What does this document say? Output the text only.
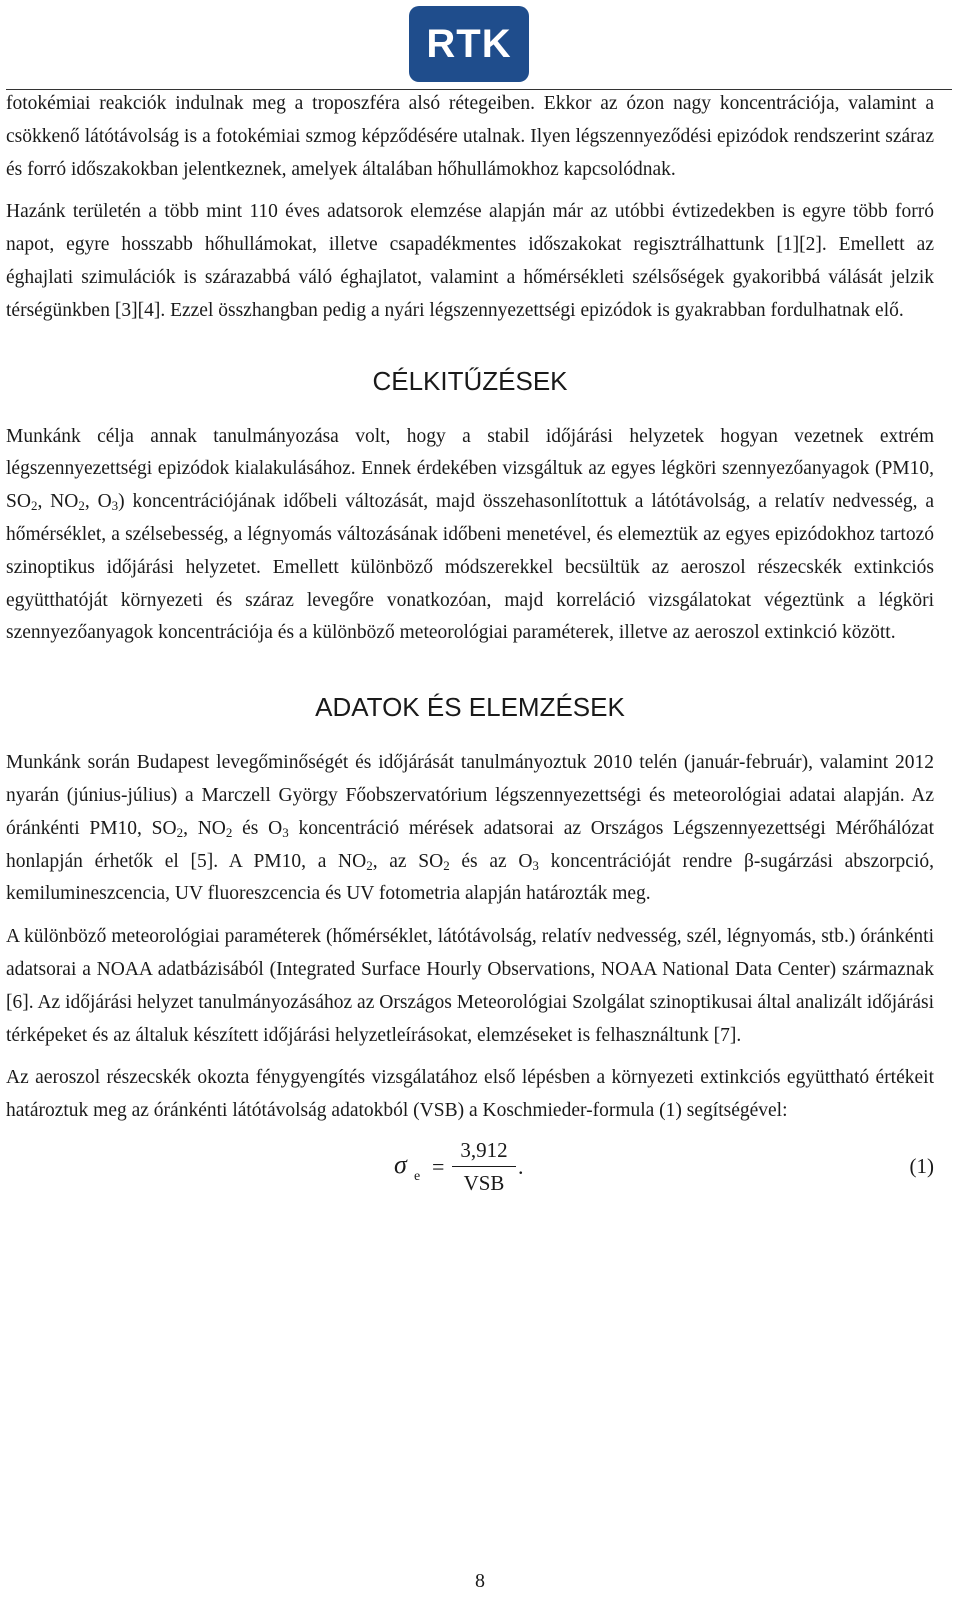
RTK

fotokémiai reakciók indulnak meg a troposzféra alsó rétegeiben. Ekkor az ózon nagy koncentrációja, valamint a csökkenő látótávolság is a fotokémiai szmog képződésére utalnak. Ilyen légszennyeződési epizódok rendszerint száraz és forró időszakokban jelentkeznek, amelyek általában hőhullámokhoz kapcsolódnak.

Hazánk területén a több mint 110 éves adatsorok elemzése alapján már az utóbbi évtizedekben is egyre több forró napot, egyre hosszabb hőhullámokat, illetve csapadékmentes időszakokat regisztrálhattunk [1][2]. Emellett az éghajlati szimulációk is szárazabbá váló éghajlatot, valamint a hőmérsékleti szélsőségek gyakoribbá válását jelzik térségünkben [3][4]. Ezzel összhangban pedig a nyári légszennyezettségi epizódok is gyakrabban fordulhatnak elő.

CÉLKITŰZÉSEK

Munkánk célja annak tanulmányozása volt, hogy a stabil időjárási helyzetek hogyan vezetnek extrém légszennyezettségi epizódok kialakulásához. Ennek érdekében vizsgáltuk az egyes légköri szennyezőanyagok (PM10, $SO_2$, $NO_2$, $O_3$) koncentrációjának időbeli változását, majd összehasonlítottuk a látótávolság, a relatív nedvesség, a hőmérséklet, a szélsebesség, a légnyomás változásának időbeni menetével, és elemeztük az egyes epizódokhoz tartozó szinoptikus időjárási helyzetet. Emellett különböző módszerekkel becsültük az aeroszol részecskék extinkciós együtthatóját környezeti és száraz levegőre vonatkozóan, majd korreláció vizsgálatokat végeztünk a légköri szennyezőanyagok koncentrációja és a különböző meteorológiai paraméterek, illetve az aeroszol extinkció között.

ADATOK ÉS ELEMZÉSEK

Munkánk során Budapest levegőminőségét és időjárását tanulmányoztuk 2010 telén (január-február), valamint 2012 nyarán (június-július) a Marczell György Főobszervatórium légszennyezettségi és meteorológiai adatai alapján. Az óránkénti PM10, $SO_2$, $NO_2$ és $O_3$ koncentráció mérések adatsorai az Országos Légszennyezettségi Mérőhálózat honlapján érhetők el [5]. A PM10, a $NO_2$, az $SO_2$ és az $O_3$ koncentrációját rendre β-sugárzási abszorpció, kemilumineszcencia, UV fluoreszcencia és UV fotometria alapján határozták meg.

A különböző meteorológiai paraméterek (hőmérséklet, látótávolság, relatív nedvesség, szél, légnyomás, stb.) óránkénti adatsorai a NOAA adatbázisából (Integrated Surface Hourly Observations, NOAA National Data Center) származnak [6]. Az időjárási helyzet tanulmányozásához az Országos Meteorológiai Szolgálat szinoptikusai által analizált időjárási térképeket és az általuk készített időjárási helyzetleírásokat, elemzéseket is felhasználtunk [7].

Az aeroszol részecskék okozta fénygyengítés vizsgálatához első lépésben a környezeti extinkciós együttható értékeit határoztuk meg az óránkénti látótávolság adatokból (VSB) a Koschmieder-formula (1) segítségével:

σ e =
3,912
VSB
.	(1)
8
